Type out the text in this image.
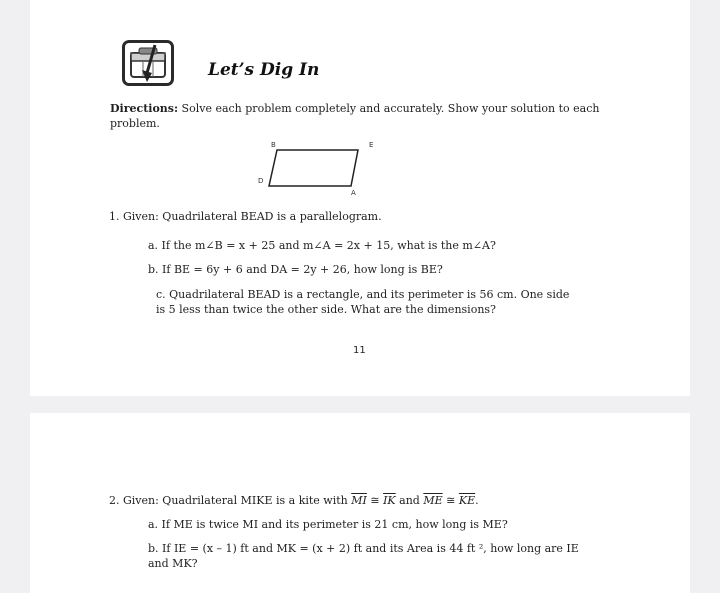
Let’s Dig In
Directions: Solve each problem completely and accurately. Show your solution to each problem.
B	E
D
A
1. Given: Quadrilateral BEAD is a parallelogram.
a. If the m∠B = x + 25 and m∠A = 2x + 15, what is the m∠A?
b. If BE = 6y + 6 and DA = 2y + 26, how long is BE?
c. Quadrilateral BEAD is a rectangle, and its perimeter is 56 cm. One side
is 5 less than twice the other side. What are the dimensions?
11
2. Given: Quadrilateral MIKE is a kite with $\overline{MI}$ ≅ $\overline{IK}$ and $\overline{ME}$ ≅ $\overline{KE}$.
a. If ME is twice MI and its perimeter is 21 cm, how long is ME?
b. If IE = (x – 1) ft and MK = (x + 2) ft and its Area is 44 ft ², how long are IE
and MK?
